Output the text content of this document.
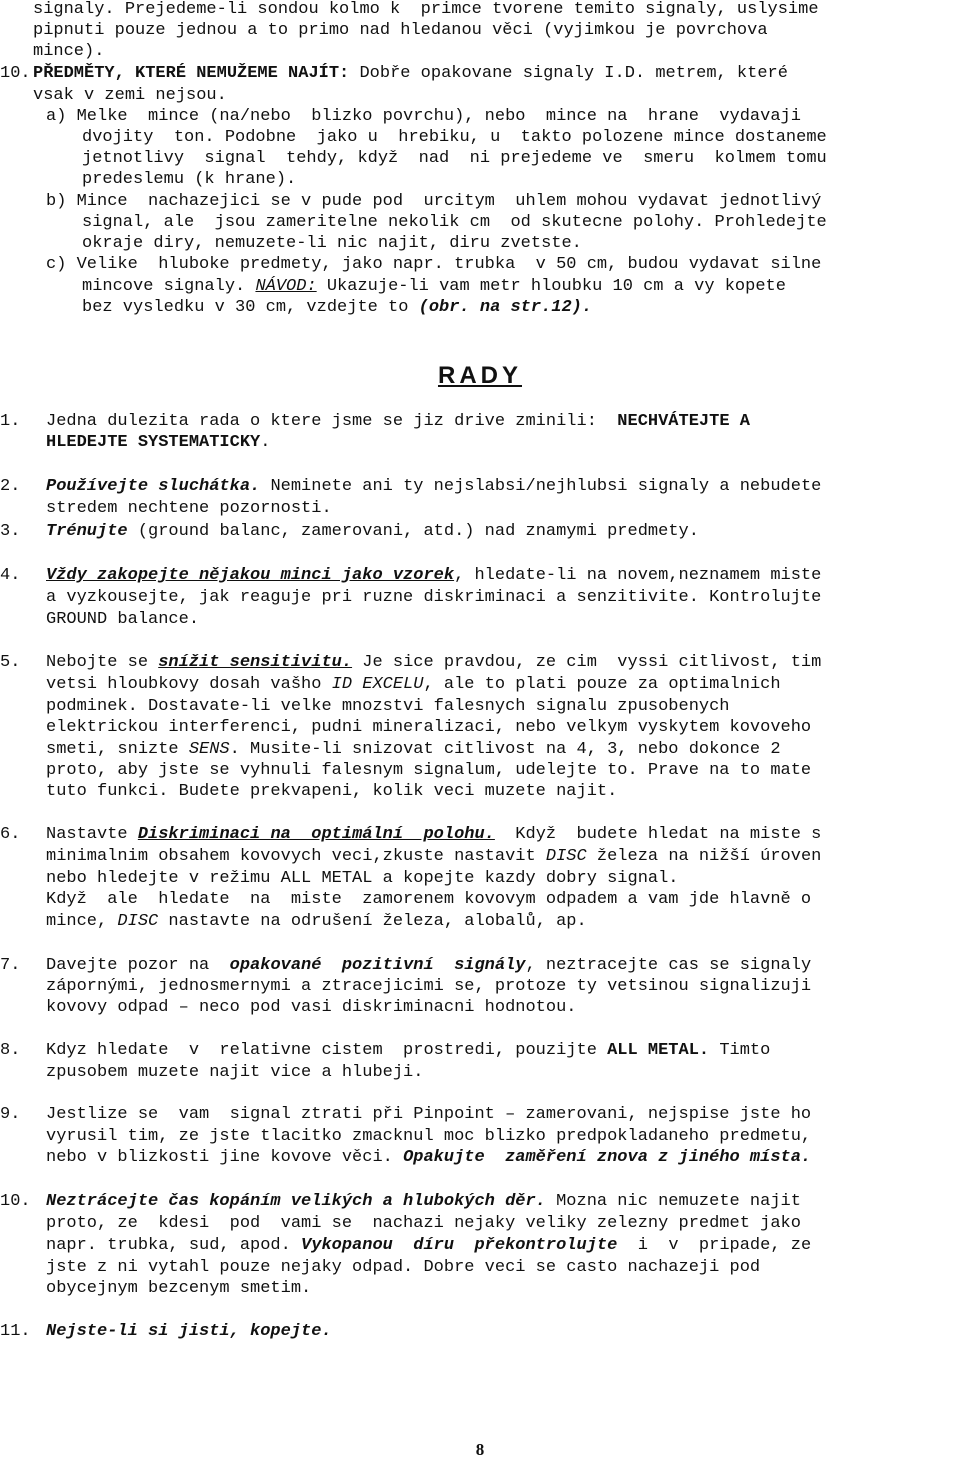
signaly. Prejedeme-li sondou kolmo k  primce tvorene temito signaly, uslysime
pipnuti pouze jednou a to primo nad hledanou věci (vyjimkou je povrchova
mince).
10. PŘEDMĚTY, KTERÉ NEMUŽEME NAJÍT: Dobře opakovane signaly I.D. metrem, které
vsak v zemi nejsou.
a) Melke  mince (na/nebo  blizko povrchu), nebo  mince na  hrane  vydavaji
dvojity  ton. Podobne  jako u  hrebiku, u  takto polozene mince dostaneme
jetnotlivy  signal  tehdy, když  nad  ni prejedeme ve  smeru  kolmem tomu
predeslemu (k hrane).
b) Mince  nachazejici se v pude pod  urcitym  uhlem mohou vydavat jednotlivý
signal, ale  jsou zameritelne nekolik cm  od skutecne polohy. Prohledejte
okraje diry, nemuzete-li nic najit, diru zvetste.
c) Velike  hluboke predmety, jako napr. trubka  v 50 cm, budou vydavat silne
mincove signaly. NÁVOD: Ukazuje-li vam metr hloubku 10 cm a vy kopete
bez vysledku v 30 cm, vzdejte to (obr. na str.12).
RADY
1. Jedna dulezita rada o ktere jsme se jiz drive zminili:  NECHVÁTEJTE A
HLEDEJTE SYSTEMATICKY.
2. Používejte sluchátka. Neminete ani ty nejslabsi/nejhlubsi signaly a nebudete
stredem nechtene pozornosti.
3. Trénujte (ground balanc, zamerovani, atd.) nad znamymi predmety.
4. Vždy zakopejte nějakou minci jako vzorek, hledate-li na novem,neznamem miste
a vyzkousejte, jak reaguje pri ruzne diskriminaci a senzitivite. Kontrolujte
GROUND balance.
5. Nebojte se snížit sensitivitu. Je sice pravdou, ze cim  vyssi citlivost, tim
vetsi hloubkovy dosah vašho ID EXCELU, ale to plati pouze za optimalnich
podminek. Dostavate-li velke mnozstvi falesnych signalu zpusobenych
elektrickou interferenci, pudni mineralizaci, nebo velkym vyskytem kovoveho
smeti, snizte SENS. Musite-li snizovat citlivost na 4, 3, nebo dokonce 2
proto, aby jste se vyhnuli falesnym signalum, udelejte to. Prave na to mate
tuto funkci. Budete prekvapeni, kolik veci muzete najit.
6. Nastavte Diskriminaci na  optimální  polohu.  Když  budete hledat na miste s
minimalnim obsahem kovovych veci,zkuste nastavit DISC železa na nižší úroven
nebo hledejte v režimu ALL METAL a kopejte kazdy dobry signal.
Když  ale  hledate  na  miste  zamorenem kovovym odpadem a vam jde hlavně o
mince, DISC nastavte na odrušení železa, alobalů, ap.
7. Davejte pozor na  opakované  pozitivní  signály, neztracejte cas se signaly
zápornými, jednosmernymi a ztracejicimi se, protoze ty vetsinou signalizuji
kovovy odpad – neco pod vasi diskriminacni hodnotou.
8. Kdyz hledate  v  relativne cistem  prostredi, pouzijte ALL METAL. Timto
zpusobem muzete najit vice a hlubeji.
9. Jestlize se  vam  signal ztrati při Pinpoint – zamerovani, nejspise jste ho
vyrusil tim, ze jste tlacitko zmacknul moc blizko predpokladaneho predmetu,
nebo v blizkosti jine kovove věci. Opakujte  zaměření znova z jiného místa.
10. Neztrácejte čas kopáním velikých a hlubokých děr. Mozna nic nemuzete najit
proto, ze  kdesi  pod  vami se  nachazi nejaky veliky zelezny predmet jako
napr. trubka, sud, apod. Vykopanou  díru  překontrolujte  i  v  pripade, ze
jste z ni vytahl pouze nejaky odpad. Dobre veci se casto nachazeji pod
obycejnym bezcenym smetim.
11. Nejste-li si jisti, kopejte.
8
